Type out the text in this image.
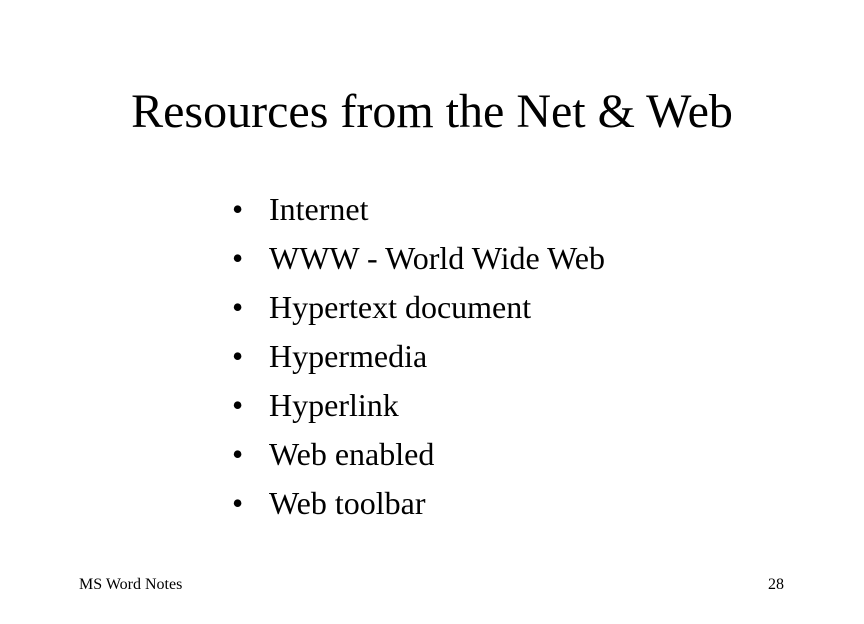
Resources from the Net & Web
• Internet
• WWW - World Wide Web
• Hypertext document
• Hypermedia
• Hyperlink
• Web enabled
• Web toolbar
MS Word Notes	28
